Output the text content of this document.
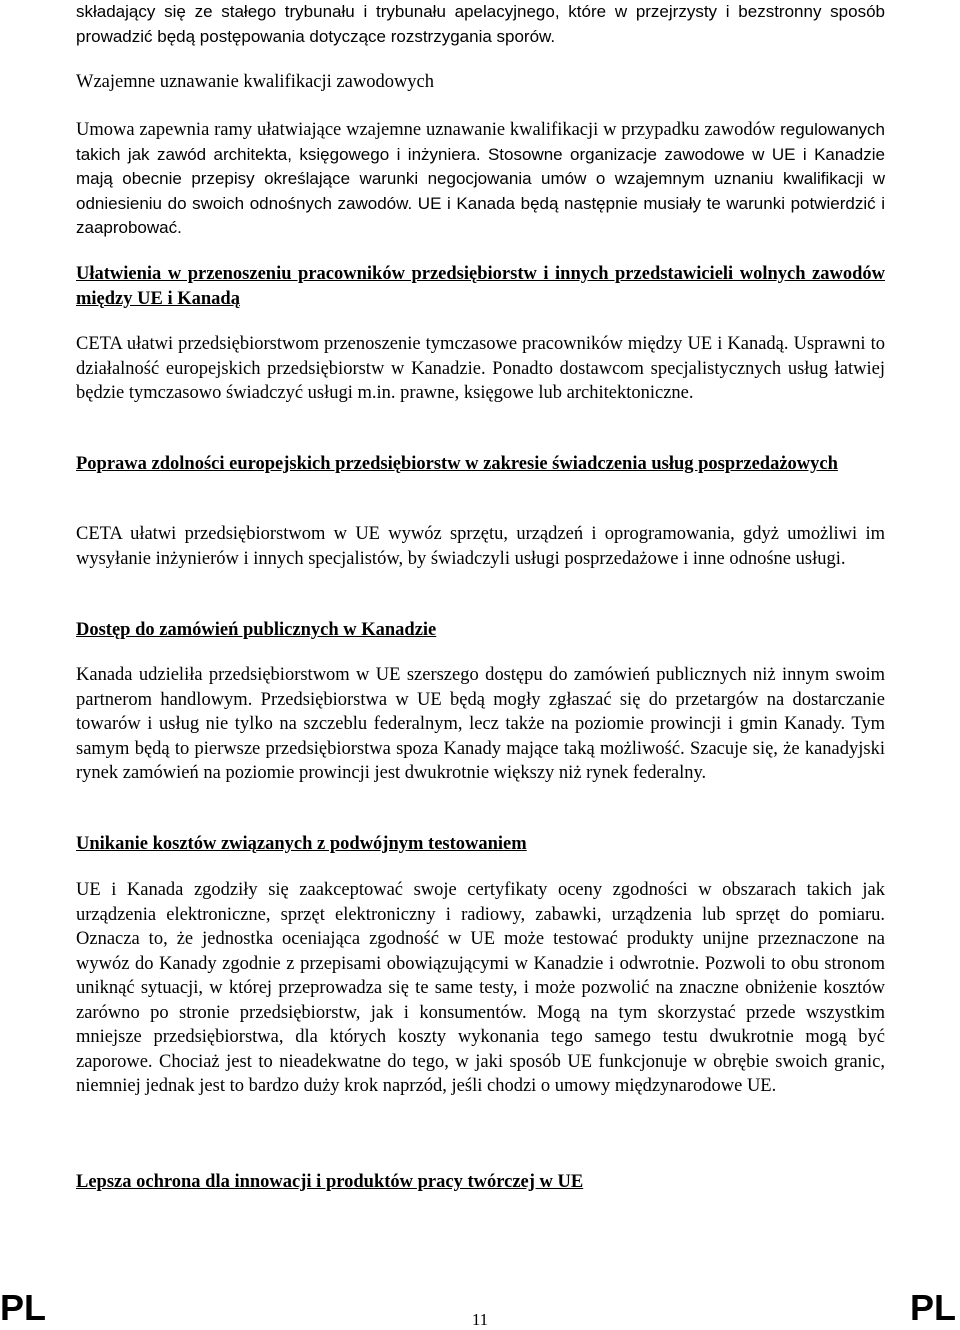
składający się ze stałego trybunału i trybunału apelacyjnego, które w przejrzysty i bezstronny sposób prowadzić będą postępowania dotyczące rozstrzygania sporów.

Wzajemne uznawanie kwalifikacji zawodowych

Umowa zapewnia ramy ułatwiające wzajemne uznawanie kwalifikacji w przypadku zawodów regulowanych takich jak zawód architekta, księgowego i inżyniera. Stosowne organizacje zawodowe w UE i Kanadzie mają obecnie przepisy określające warunki negocjowania umów o wzajemnym uznaniu kwalifikacji w odniesieniu do swoich odnośnych zawodów. UE i Kanada będą następnie musiały te warunki potwierdzić i zaaprobować.

Ułatwienia w przenoszeniu pracowników przedsiębiorstw i innych przedstawicieli wolnych zawodów między UE i Kanadą

CETA ułatwi przedsiębiorstwom przenoszenie tymczasowe pracowników między UE i Kanadą. Usprawni to działalność europejskich przedsiębiorstw w Kanadzie. Ponadto dostawcom specjalistycznych usług łatwiej będzie tymczasowo świadczyć usługi m.in. prawne, księgowe lub architektoniczne.

Poprawa zdolności europejskich przedsiębiorstw w zakresie świadczenia usług posprzedażowych

CETA ułatwi przedsiębiorstwom w UE wywóz sprzętu, urządzeń i oprogramowania, gdyż umożliwi im wysyłanie inżynierów i innych specjalistów, by świadczyli usługi posprzedażowe i inne odnośne usługi.

Dostęp do zamówień publicznych w Kanadzie

Kanada udzieliła przedsiębiorstwom w UE szerszego dostępu do zamówień publicznych niż innym swoim partnerom handlowym. Przedsiębiorstwa w UE będą mogły zgłaszać się do przetargów na dostarczanie towarów i usług nie tylko na szczeblu federalnym, lecz także na poziomie prowincji i gmin Kanady. Tym samym będą to pierwsze przedsiębiorstwa spoza Kanady mające taką możliwość. Szacuje się, że kanadyjski rynek zamówień na poziomie prowincji jest dwukrotnie większy niż rynek federalny.

Unikanie kosztów związanych z podwójnym testowaniem

UE i Kanada zgodziły się zaakceptować swoje certyfikaty oceny zgodności w obszarach takich jak urządzenia elektroniczne, sprzęt elektroniczny i radiowy, zabawki, urządzenia lub sprzęt do pomiaru. Oznacza to, że jednostka oceniająca zgodność w UE może testować produkty unijne przeznaczone na wywóz do Kanady zgodnie z przepisami obowiązującymi w Kanadzie i odwrotnie. Pozwoli to obu stronom uniknąć sytuacji, w której przeprowadza się te same testy, i może pozwolić na znaczne obniżenie kosztów zarówno po stronie przedsiębiorstw, jak i konsumentów. Mogą na tym skorzystać przede wszystkim mniejsze przedsiębiorstwa, dla których koszty wykonania tego samego testu dwukrotnie mogą być zaporowe. Chociaż jest to nieadekwatne do tego, w jaki sposób UE funkcjonuje w obrębie swoich granic, niemniej jednak jest to bardzo duży krok naprzód, jeśli chodzi o umowy międzynarodowe UE.

Lepsza ochrona dla innowacji i produktów pracy twórczej w UE
PL	11	PL
